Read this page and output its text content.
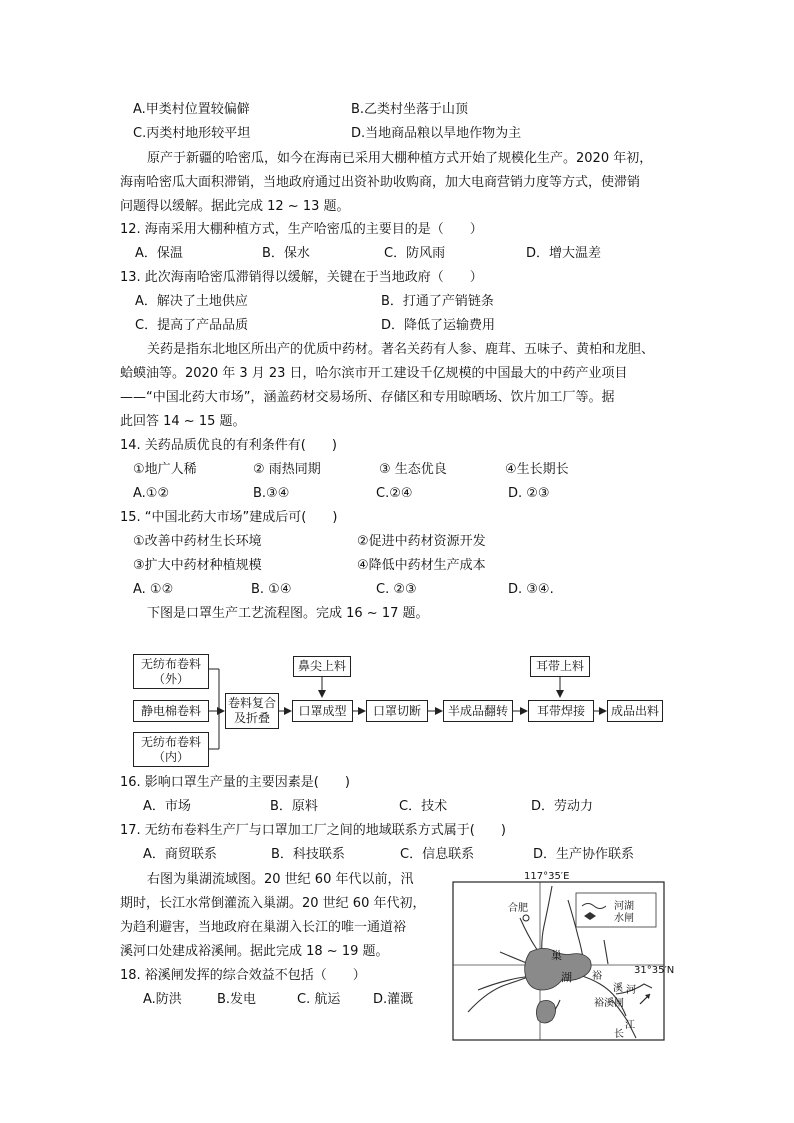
A.甲类村位置较偏僻	B.乙类村坐落于山顶
C.丙类村地形较平坦	D.当地商品粮以旱地作物为主
原产于新疆的哈密瓜，如今在海南已采用大棚种植方式开始了规模化生产。2020 年初，
海南哈密瓜大面积滞销，当地政府通过出资补助收购商，加大电商营销力度等方式，使滞销
问题得以缓解。据此完成 12 ~ 13 题。
12. 海南采用大棚种植方式，生产哈密瓜的主要目的是（　　）
A．保温	B．保水	C．防风雨	D．增大温差
13. 此次海南哈密瓜滞销得以缓解，关键在于当地政府（　　）
A．解决了土地供应	B．打通了产销链条
C．提高了产品品质	D．降低了运输费用
关药是指东北地区所出产的优质中药材。著名关药有人参、鹿茸、五味子、黄柏和龙胆、
蛤蟆油等。2020 年 3 月 23 日，哈尔滨市开工建设千亿规模的中国最大的中药产业项目
——“中国北药大市场”，涵盖药材交易场所、存储区和专用晾晒场、饮片加工厂等。据
此回答 14 ~ 15 题。
14. 关药品质优良的有利条件有(　　)
①地广人稀	② 雨热同期	③ 生态优良	④生长期长
A.①②	B.③④	C.②④	D. ②③
15. “中国北药大市场”建成后可(　　)
①改善中药材生长环境	②促进中药材资源开发
③扩大中药材种植规模	④降低中药材生产成本
A. ①②	B. ①④	C. ②③	D. ③④.
下图是口罩生产工艺流程图。完成 16 ~ 17 题。
无纺布卷料
（外）
静电棉卷料
无纺布卷料
（内）
卷料复合
及折叠
口罩成型 口罩切断 半成品翻转 耳带焊接 成品出料
鼻尖上料	耳带上料
16. 影响口罩生产量的主要因素是(　　)
A．市场	B．原料	C．技术	D．劳动力
17. 无纺布卷料生产厂与口罩加工厂之间的地域联系方式属于(　　)
A．商贸联系	B．科技联系	C．信息联系	D．生产协作联系
右图为巢湖流域图。20 世纪 60 年代以前，汛
期时，长江水常倒灌流入巢湖。20 世纪 60 年代初，
为趋利避害，当地政府在巢湖入长江的唯一通道裕
溪河口处建成裕溪闸。据此完成 18 ~ 19 题。
18. 裕溪闸发挥的综合效益不包括（　　）
A.防洪	B.发电	C. 航运	D.灌溉
117°35′E
31°35′N
合肥
巢
湖
河湖
水闸
裕
溪 河
裕溪闸
江
长
